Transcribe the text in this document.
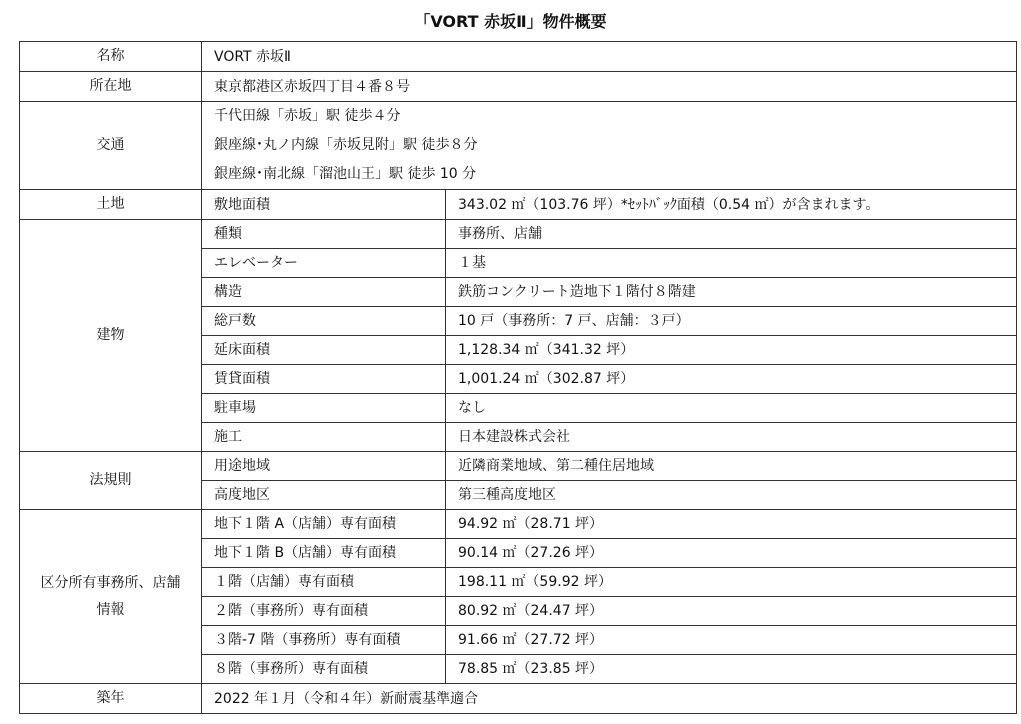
「VORT 赤坂Ⅱ」物件概要
名称	VORT 赤坂Ⅱ	

所在地	東京都港区赤坂四丁目４番８号	

交通	千代田線「赤坂」駅 徒歩４分
銀座線･丸ノ内線「赤坂見附」駅 徒歩８分
銀座線･南北線「溜池山王」駅 徒歩 10 分	

土地	敷地面積	343.02 ㎡（103.76 坪）*ｾｯﾄﾊﾞｯｸ面積（0.54 ㎡）が含まれます。

建物	種類	事務所、店舗
	エレベーター	１基
	構造	鉄筋コンクリート造地下１階付８階建
	総戸数	10 戸（事務所：7 戸、店舗：３戸）
	延床面積	1,128.34 ㎡（341.32 坪）
	賃貸面積	1,001.24 ㎡（302.87 坪）
	駐車場	なし
	施工	日本建設株式会社

法規則	用途地域	近隣商業地域、第二種住居地域
	高度地区	第三種高度地区

区分所有事務所、店舗
情報	地下１階 A（店舗）専有面積	94.92 ㎡（28.71 坪）
	地下１階 B（店舗）専有面積	90.14 ㎡（27.26 坪）
	１階（店舗）専有面積	198.11 ㎡（59.92 坪）
	２階（事務所）専有面積	80.92 ㎡（24.47 坪）
	３階-7 階（事務所）専有面積	91.66 ㎡（27.72 坪）
	８階（事務所）専有面積	78.85 ㎡（23.85 坪）

築年	2022 年１月（令和４年）新耐震基準適合	
